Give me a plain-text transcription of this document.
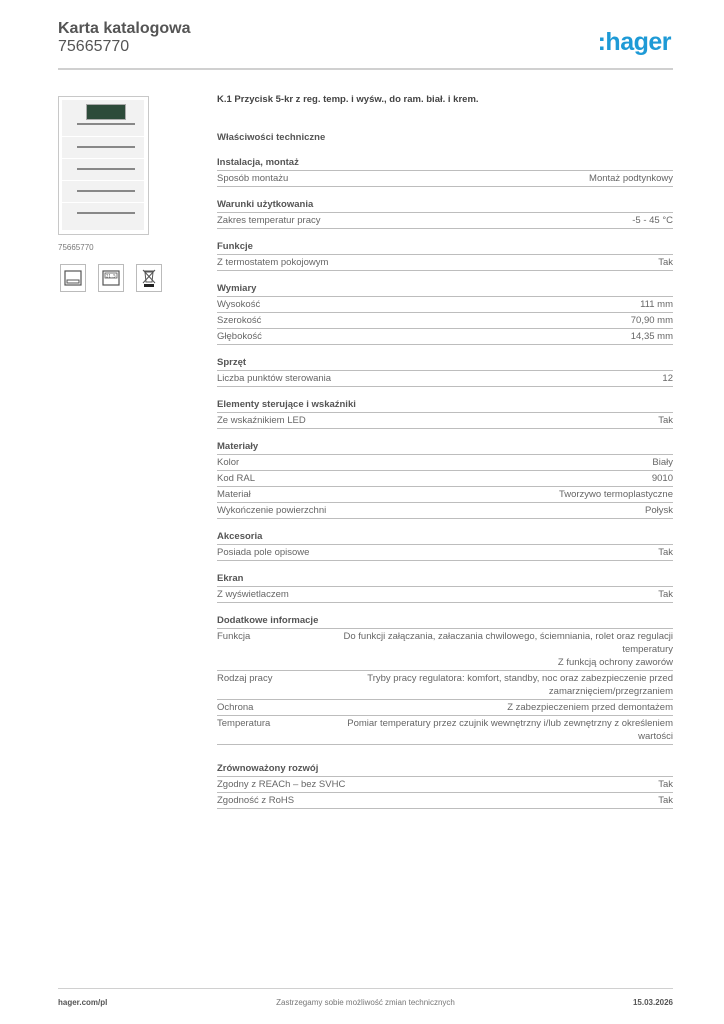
Karta katalogowa
75665770	:hager
75665770
21.5
K.1 Przycisk 5-kr z reg. temp. i wyśw., do ram. biał. i krem.
Właściwości techniczne
Instalacja, montaż
Sposób montażu	Montaż podtynkowy
Warunki użytkowania
Zakres temperatur pracy	-5 - 45 °C
Funkcje
Z termostatem pokojowym	Tak
Wymiary
Wysokość	111 mm
Szerokość	70,90 mm
Głębokość	14,35 mm
Sprzęt
Liczba punktów sterowania	12
Elementy sterujące i wskaźniki
Ze wskaźnikiem LED	Tak
Materiały
Kolor	Biały
Kod RAL	9010
Materiał	Tworzywo termoplastyczne
Wykończenie powierzchni	Połysk
Akcesoria
Posiada pole opisowe	Tak
Ekran
Z wyświetlaczem	Tak
Dodatkowe informacje
Funkcja	Do funkcji załączania, załaczania chwilowego, ściemniania, rolet oraz regulacji temperatury
Z funkcją ochrony zaworów
Rodzaj pracy	Tryby pracy regulatora: komfort, standby, noc oraz zabezpieczenie przed zamarznięciem/przegrzaniem
Ochrona	Z zabezpieczeniem przed demontażem
Temperatura	Pomiar temperatury przez czujnik wewnętrzny i/lub zewnętrzny z określeniem wartości
Zrównoważony rozwój
Zgodny z REACh – bez SVHC	Tak
Zgodność z RoHS	Tak
hager.com/pl	Zastrzegamy sobie możliwość zmian technicznych	15.03.2026
